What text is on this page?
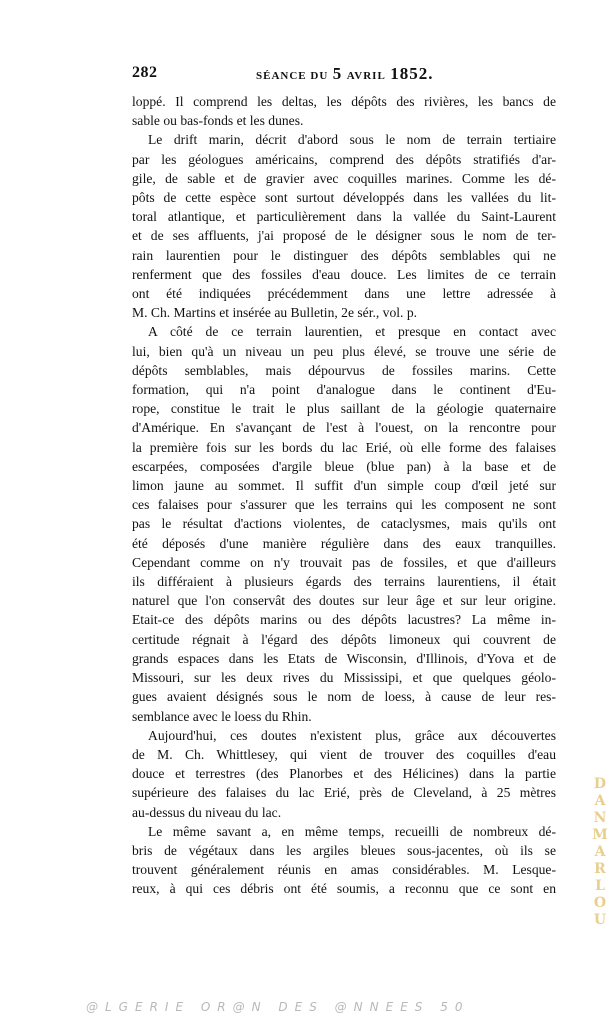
282	SÉANCE DU 5 AVRIL 1852.
loppé. Il comprend les deltas, les dépôts des rivières, les bancs de
sable ou bas-fonds et les dunes.
Le drift marin, décrit d'abord sous le nom de terrain tertiaire
par les géologues américains, comprend des dépôts stratifiés d'ar-
gile, de sable et de gravier avec coquilles marines. Comme les dé-
pôts de cette espèce sont surtout développés dans les vallées du lit-
toral atlantique, et particulièrement dans la vallée du Saint-Laurent
et de ses affluents, j'ai proposé de le désigner sous le nom de ter-
rain laurentien pour le distinguer des dépôts semblables qui ne
renferment que des fossiles d'eau douce. Les limites de ce terrain
ont été indiquées précédemment dans une lettre adressée à
M. Ch. Martins et insérée au Bulletin, 2e sér., vol. p.
A côté de ce terrain laurentien, et presque en contact avec
lui, bien qu'à un niveau un peu plus élevé, se trouve une série de
dépôts semblables, mais dépourvus de fossiles marins. Cette
formation, qui n'a point d'analogue dans le continent d'Eu-
rope, constitue le trait le plus saillant de la géologie quaternaire
d'Amérique. En s'avançant de l'est à l'ouest, on la rencontre pour
la première fois sur les bords du lac Erié, où elle forme des falaises
escarpées, composées d'argile bleue (blue pan) à la base et de
limon jaune au sommet. Il suffit d'un simple coup d'œil jeté sur
ces falaises pour s'assurer que les terrains qui les composent ne sont
pas le résultat d'actions violentes, de cataclysmes, mais qu'ils ont
été déposés d'une manière régulière dans des eaux tranquilles.
Cependant comme on n'y trouvait pas de fossiles, et que d'ailleurs
ils différaient à plusieurs égards des terrains laurentiens, il était
naturel que l'on conservât des doutes sur leur âge et sur leur origine.
Etait-ce des dépôts marins ou des dépôts lacustres? La même in-
certitude régnait à l'égard des dépôts limoneux qui couvrent de
grands espaces dans les Etats de Wisconsin, d'Illinois, d'Yova et de
Missouri, sur les deux rives du Mississipi, et que quelques géolo-
gues avaient désignés sous le nom de loess, à cause de leur res-
semblance avec le loess du Rhin.
Aujourd'hui, ces doutes n'existent plus, grâce aux découvertes
de M. Ch. Whittlesey, qui vient de trouver des coquilles d'eau
douce et terrestres (des Planorbes et des Hélicines) dans la partie
supérieure des falaises du lac Erié, près de Cleveland, à 25 mètres
au-dessus du niveau du lac.
Le même savant a, en même temps, recueilli de nombreux dé-
bris de végétaux dans les argiles bleues sous-jacentes, où ils se
trouvent généralement réunis en amas considérables. M. Lesque-
reux, à qui ces débris ont été soumis, a reconnu que ce sont en	DANMARLOU
@LGERIE OR@N DES @NNEES 50
